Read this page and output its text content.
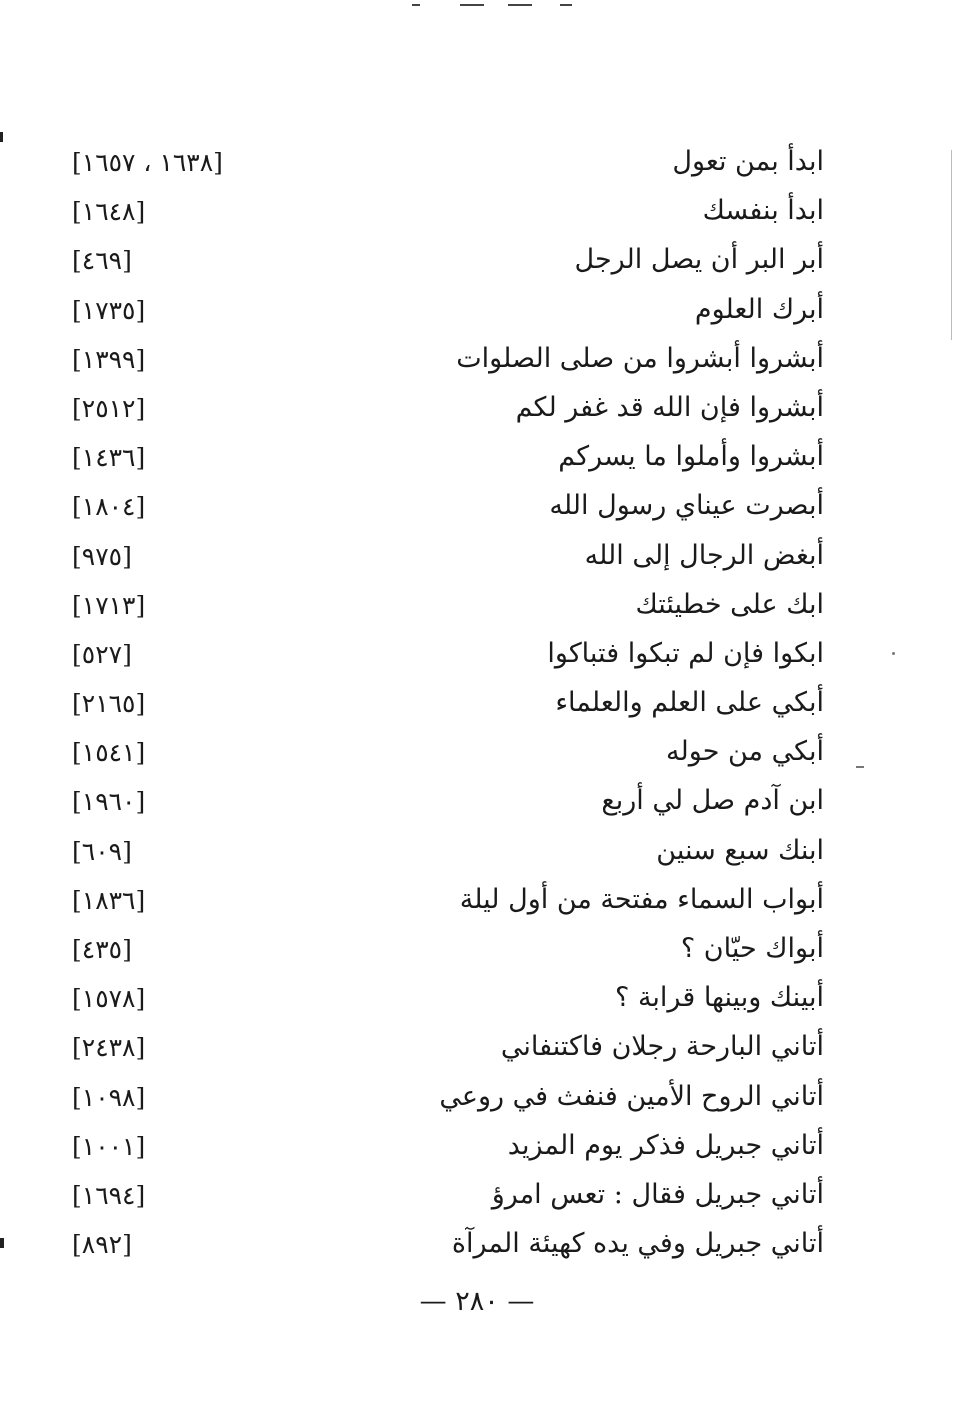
ابدأ بمن تعول
[١٦٣٨ ، ١٦٥٧]
ابدأ بنفسك
[١٦٤٨]
أبر البر أن يصل الرجل
[٤٦٩]
أبرك العلوم
[١٧٣٥]
أبشروا أبشروا من صلى الصلوات
[١٣٩٩]
أبشروا فإن الله قد غفر لكم
[٢٥١٢]
أبشروا وأملوا ما يسركم
[١٤٣٦]
أبصرت عيناي رسول الله
[١٨٠٤]
أبغض الرجال إلى الله
[٩٧٥]
ابك على خطيئتك
[١٧١٣]
ابكوا فإن لم تبكوا فتباكوا
[٥٢٧]
أبكي على العلم والعلماء
[٢١٦٥]
أبكي من حوله
[١٥٤١]
ابن آدم صل لي أربع
[١٩٦٠]
ابنك سبع سنين
[٦٠٩]
أبواب السماء مفتحة من أول ليلة
[١٨٣٦]
أبواك حيّان ؟
[٤٣٥]
أبينك وبينها قرابة ؟
[١٥٧٨]
أتاني البارحة رجلان فاكتنفاني
[٢٤٣٨]
أتاني الروح الأمين فنفث في روعي
[١٠٩٨]
أتاني جبريل فذكر يوم المزيد
[١٠٠١]
أتاني جبريل فقال : تعس امرؤ
[١٦٩٤]
أتاني جبريل وفي يده كهيئة المرآة
[٨٩٢]
— ٢٨٠ —
